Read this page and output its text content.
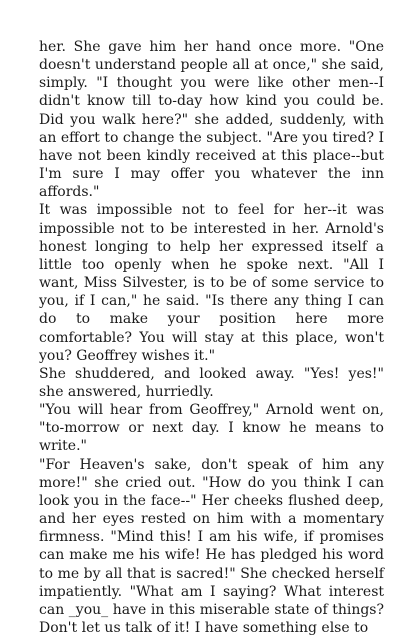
her. She gave him her hand once more. "One doesn't understand people all at once," she said, simply. "I thought you were like other men--I didn't know till to-day how kind you could be. Did you walk here?" she added, suddenly, with an effort to change the subject. "Are you tired? I have not been kindly received at this place--but I'm sure I may offer you whatever the inn affords."

It was impossible not to feel for her--it was impossible not to be interested in her. Arnold's honest longing to help her expressed itself a little too openly when he spoke next. "All I want, Miss Silvester, is to be of some service to you, if I can," he said. "Is there any thing I can do to make your position here more comfortable? You will stay at this place, won't you? Geoffrey wishes it."

She shuddered, and looked away. "Yes! yes!" she answered, hurriedly.

"You will hear from Geoffrey," Arnold went on, "to-morrow or next day. I know he means to write."

"For Heaven's sake, don't speak of him any more!" she cried out. "How do you think I can look you in the face--" Her cheeks flushed deep, and her eyes rested on him with a momentary firmness. "Mind this! I am his wife, if promises can make me his wife! He has pledged his word to me by all that is sacred!" She checked herself impatiently. "What am I saying? What interest can _you_ have in this miserable state of things? Don't let us talk of it! I have something else to
